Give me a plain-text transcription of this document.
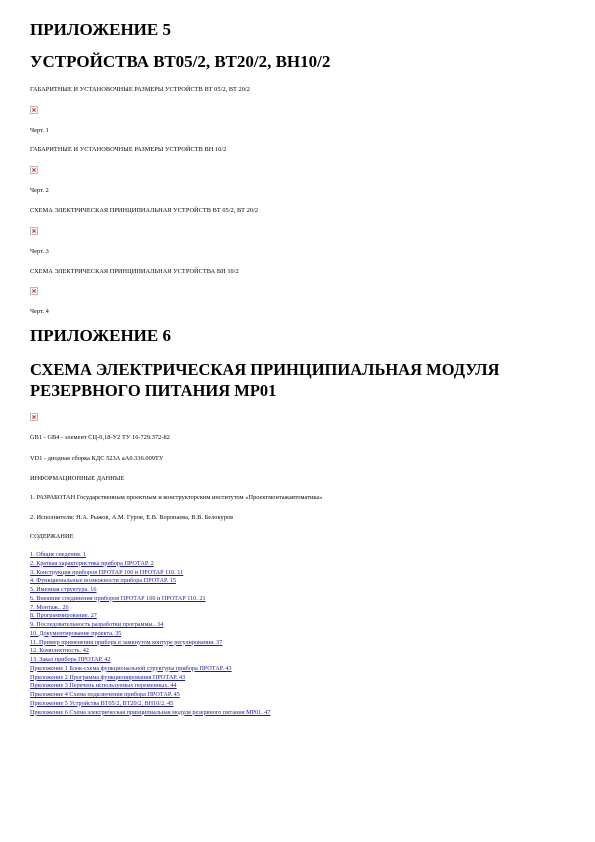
ПРИЛОЖЕНИЕ 5
УСТРОЙСТВА ВТ05/2, ВТ20/2, ВН10/2
ГАБАРИТНЫЕ И УСТАНОВОЧНЫЕ РАЗМЕРЫ УСТРОЙСТВ ВТ 05/2, ВТ 20/2
Черт. 1
ГАБАРИТНЫЕ И УСТАНОВОЧНЫЕ РАЗМЕРЫ УСТРОЙСТВ ВН 10/2
Черт. 2
СХЕМА ЭЛЕКТРИЧЕСКАЯ ПРИНЦИПИАЛЬНАЯ УСТРОЙСТВ ВТ 05/2, ВТ 20/2
Черт. 3
СХЕМА ЭЛЕКТРИЧЕСКАЯ ПРИНЦИПИАЛЬНАЯ УСТРОЙСТВА ВН 10/2
Черт. 4
ПРИЛОЖЕНИЕ 6
СХЕМА ЭЛЕКТРИЧЕСКАЯ ПРИНЦИПИАЛЬНАЯ МОДУЛЯ РЕЗЕРВНОГО ПИТАНИЯ МР01
GB1 - GB4 - элемент СЦ-0,18-У2 ТУ 16-729.372-82
VD1 - диодная сборка КДС 523А аА0.336.009ТУ
ИНФОРМАЦИОННЫЕ ДАННЫЕ
1. РАЗРАБОТАН Государственным проектным и конструкторским институтом «Проектмонтажавтоматика»
2. Исполнители: Н.А. Рыжов, А.М. Гуров, Е.В. Воропаева, В.В. Белокуров
СОДЕРЖАНИЕ
1. Общие сведения. 1
2. Краткая характеристика прибора ПРОТАР. 2
3. Конструкция приборов ПРОТАР 100 и ПРОТАР 110. 11
4. Функциональные возможности прибора ПРОТАР. 15
5. Именная структура. 16
6. Внешние соединения приборов ПРОТАР 100 и ПРОТАР 110. 21
7. Монтаж.. 26
8. Программирование. 27
9. Последовательность разработки программы.. 34
10. Документирование проекта. 35
11. Пример применения прибора в замкнутом контуре регулирования. 37
12. Комплектность. 42
13. Заказ прибора ПРОТАР. 42
Приложение 1 Блок-схема функциональной структуры прибора ПРОТАР. 43
Приложение 2 Программа функционирования ПРОТАР. 43
Приложение 3 Перечень используемых переменных. 44
Приложение 4 Схема подключения прибора ПРОТАР. 45
Приложение 5 Устройства ВТ05/2, ВТ20/2, ВН10/2. 45
Приложение 6 Схема электрическая принципиальная модуля резервного питания МР01. 47
